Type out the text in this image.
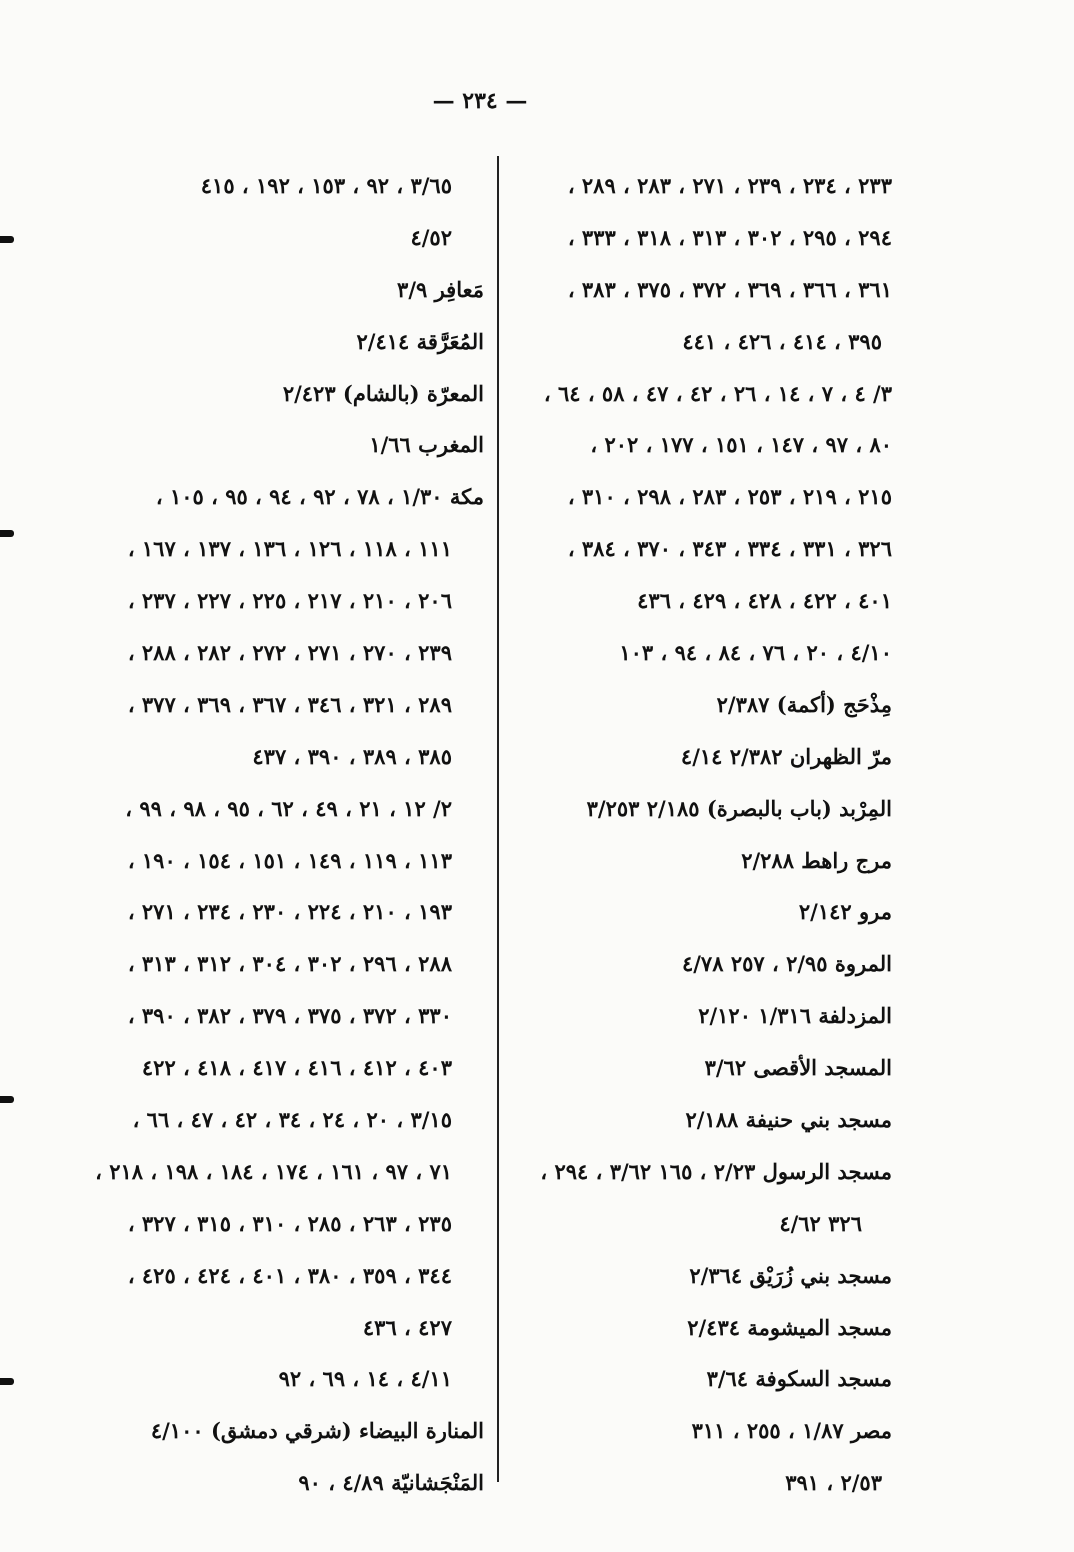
— ٢٣٤ —
٢٣٣ ، ٢٣٤ ، ٢٣٩ ، ٢٧١ ، ٢٨٣ ، ٢٨٩ ،
٢٩٤ ، ٢٩٥ ، ٣٠٢ ، ٣١٣ ، ٣١٨ ، ٣٣٣ ،
٣٦١ ، ٣٦٦ ، ٣٦٩ ، ٣٧٢ ، ٣٧٥ ، ٣٨٣ ،
٣٩٥ ، ٤١٤ ، ٤٢٦ ، ٤٤١
٣/ ٤ ، ٧ ، ١٤ ، ٢٦ ، ٤٢ ، ٤٧ ، ٥٨ ، ٦٤ ،
٨٠ ، ٩٧ ، ١٤٧ ، ١٥١ ، ١٧٧ ، ٢٠٢ ،
٢١٥ ، ٢١٩ ، ٢٥٣ ، ٢٨٣ ، ٢٩٨ ، ٣١٠ ،
٣٢٦ ، ٣٣١ ، ٣٣٤ ، ٣٤٣ ، ٣٧٠ ، ٣٨٤ ،
٤٠١ ، ٤٢٢ ، ٤٢٨ ، ٤٢٩ ، ٤٣٦
٤/١٠ ، ٢٠ ، ٧٦ ، ٨٤ ، ٩٤ ، ١٠٣
مِذْحَج (أكمة) ٢/٣٨٧
مرّ الظهران ٢/٣٨٢ ٤/١٤
المِرْبد (باب بالبصرة) ٢/١٨٥ ٣/٢٥٣
مرج راهط ٢/٢٨٨
مرو ٢/١٤٢
المروة ٢/٩٥ ، ٢٥٧ ٤/٧٨
المزدلفة ١/٣١٦ ٢/١٢٠
المسجد الأقصى ٣/٦٢
مسجد بني حنيفة ٢/١٨٨
مسجد الرسول ٢/٢٣ ، ١٦٥ ٣/٦٢ ، ٢٩٤ ،
٣٢٦ ٤/٦٢
مسجد بني زُرَيْق ٢/٣٦٤
مسجد الميشومة ٢/٤٣٤
مسجد السكوفة ٣/٦٤
مصر ١/٨٧ ، ٢٥٥ ، ٣١١
٢/٥٣ ، ٣٩١
٣/٦٥ ، ٩٢ ، ١٥٣ ، ١٩٢ ، ٤١٥
٤/٥٢
مَعافِر ٣/٩
المُعَرَّقة ٢/٤١٤
المعرّة (بالشام) ٢/٤٢٣
المغرب ١/٦٦
مكة ١/٣٠ ، ٧٨ ، ٩٢ ، ٩٤ ، ٩٥ ، ١٠٥ ،
١١١ ، ١١٨ ، ١٢٦ ، ١٣٦ ، ١٣٧ ، ١٦٧ ،
٢٠٦ ، ٢١٠ ، ٢١٧ ، ٢٢٥ ، ٢٢٧ ، ٢٣٧ ،
٢٣٩ ، ٢٧٠ ، ٢٧١ ، ٢٧٢ ، ٢٨٢ ، ٢٨٨ ،
٢٨٩ ، ٣٢١ ، ٣٤٦ ، ٣٦٧ ، ٣٦٩ ، ٣٧٧ ،
٣٨٥ ، ٣٨٩ ، ٣٩٠ ، ٤٣٧
٢/ ١٢ ، ٢١ ، ٤٩ ، ٦٢ ، ٩٥ ، ٩٨ ، ٩٩ ،
١١٣ ، ١١٩ ، ١٤٩ ، ١٥١ ، ١٥٤ ، ١٩٠ ،
١٩٣ ، ٢١٠ ، ٢٢٤ ، ٢٣٠ ، ٢٣٤ ، ٢٧١ ،
٢٨٨ ، ٢٩٦ ، ٣٠٢ ، ٣٠٤ ، ٣١٢ ، ٣١٣ ،
٣٣٠ ، ٣٧٢ ، ٣٧٥ ، ٣٧٩ ، ٣٨٢ ، ٣٩٠ ،
٤٠٣ ، ٤١٢ ، ٤١٦ ، ٤١٧ ، ٤١٨ ، ٤٢٢
٣/١٥ ، ٢٠ ، ٢٤ ، ٣٤ ، ٤٢ ، ٤٧ ، ٦٦ ،
٧١ ، ٩٧ ، ١٦١ ، ١٧٤ ، ١٨٤ ، ١٩٨ ، ٢١٨ ،
٢٣٥ ، ٢٦٣ ، ٢٨٥ ، ٣١٠ ، ٣١٥ ، ٣٢٧ ،
٣٤٤ ، ٣٥٩ ، ٣٨٠ ، ٤٠١ ، ٤٢٤ ، ٤٢٥ ،
٤٢٧ ، ٤٣٦
٤/١١ ، ١٤ ، ٦٩ ، ٩٢
المنارة البيضاء (شرقي دمشق) ٤/١٠٠
المَنْجَشانيّة ٤/٨٩ ، ٩٠
